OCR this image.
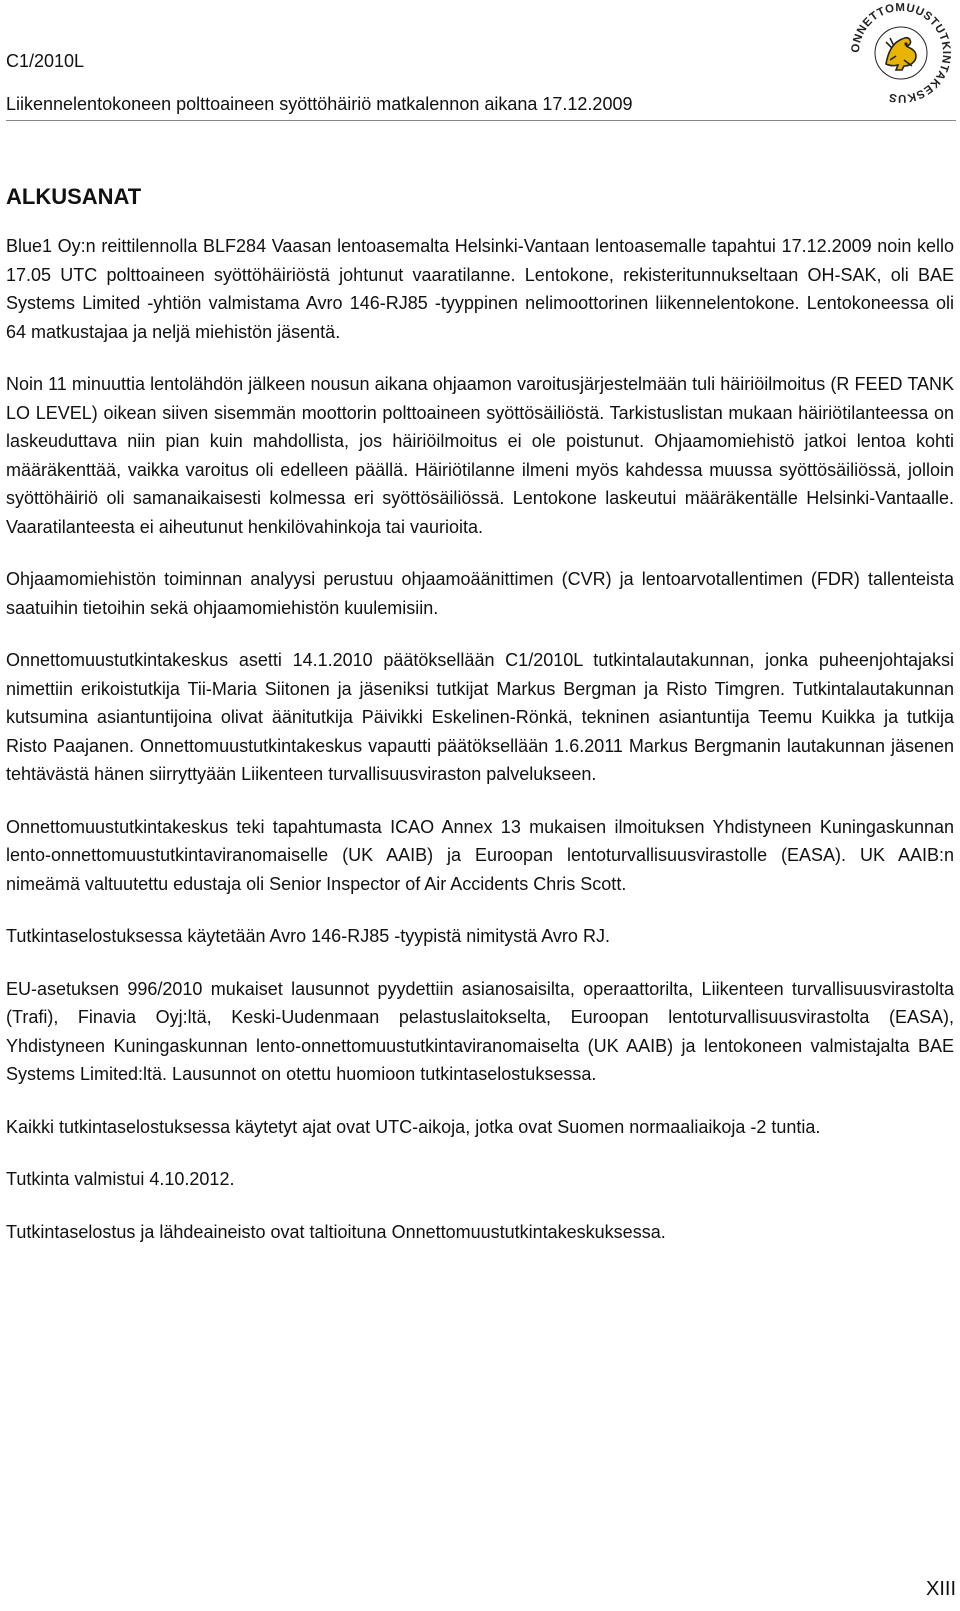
C1/2010L
Liikennelentokoneen polttoaineen syöttöhäiriö matkalennon aikana 17.12.2009
ONNETTOMUUSTUTKINTAKESKUS
ALKUSANAT

Blue1 Oy:n reittilennolla BLF284 Vaasan lentoasemalta Helsinki-Vantaan lentoasemalle tapahtui 17.12.2009 noin kello 17.05 UTC polttoaineen syöttöhäiriöstä johtunut vaaratilanne. Lentokone, rekisteritunnukseltaan OH-SAK, oli BAE Systems Limited -yhtiön valmistama Avro 146-RJ85 -tyyppinen nelimoottorinen liikennelentokone. Lentokoneessa oli 64 matkustajaa ja neljä miehistön jäsentä.

Noin 11 minuuttia lentolähdön jälkeen nousun aikana ohjaamon varoitusjärjestelmään tuli häiriöilmoitus (R FEED TANK LO LEVEL) oikean siiven sisemmän moottorin polttoaineen syöttösäiliöstä. Tarkistuslistan mukaan häiriötilanteessa on laskeuduttava niin pian kuin mahdollista, jos häiriöilmoitus ei ole poistunut. Ohjaamomiehistö jatkoi lentoa kohti määräkenttää, vaikka varoitus oli edelleen päällä. Häiriötilanne ilmeni myös kahdessa muussa syöttösäiliössä, jolloin syöttöhäiriö oli samanaikaisesti kolmessa eri syöttösäiliössä. Lentokone laskeutui määräkentälle Helsinki-Vantaalle. Vaaratilanteesta ei aiheutunut henkilövahinkoja tai vaurioita.

Ohjaamomiehistön toiminnan analyysi perustuu ohjaamoäänittimen (CVR) ja lentoarvotallentimen (FDR) tallenteista saatuihin tietoihin sekä ohjaamomiehistön kuulemisiin.

Onnettomuustutkintakeskus asetti 14.1.2010 päätöksellään C1/2010L tutkintalautakunnan, jonka puheenjohtajaksi nimettiin erikoistutkija Tii-Maria Siitonen ja jäseniksi tutkijat Markus Bergman ja Risto Timgren. Tutkintalautakunnan kutsumina asiantuntijoina olivat äänitutkija Päivikki Eskelinen-Rönkä, tekninen asiantuntija Teemu Kuikka ja tutkija Risto Paajanen. Onnettomuustutkintakeskus vapautti päätöksellään 1.6.2011 Markus Bergmanin lautakunnan jäsenen tehtävästä hänen siirryttyään Liikenteen turvallisuusviraston palvelukseen.

Onnettomuustutkintakeskus teki tapahtumasta ICAO Annex 13 mukaisen ilmoituksen Yhdistyneen Kuningaskunnan lento-onnettomuustutkintaviranomaiselle (UK AAIB) ja Euroopan lentoturvallisuusvirastolle (EASA). UK AAIB:n nimeämä valtuutettu edustaja oli Senior Inspector of Air Accidents Chris Scott.

Tutkintaselostuksessa käytetään Avro 146-RJ85 -tyypistä nimitystä Avro RJ.

EU-asetuksen 996/2010 mukaiset lausunnot pyydettiin asianosaisilta, operaattorilta, Liikenteen turvallisuusvirastolta (Trafi), Finavia Oyj:ltä, Keski-Uudenmaan pelastuslaitokselta, Euroopan lentoturvallisuusvirastolta (EASA), Yhdistyneen Kuningaskunnan lento-onnettomuustutkintaviranomaiselta (UK AAIB) ja lentokoneen valmistajalta BAE Systems Limited:ltä. Lausunnot on otettu huomioon tutkintaselostuksessa.

Kaikki tutkintaselostuksessa käytetyt ajat ovat UTC-aikoja, jotka ovat Suomen normaaliaikoja -2 tuntia.

Tutkinta valmistui 4.10.2012.

Tutkintaselostus ja lähdeaineisto ovat taltioituna Onnettomuustutkintakeskuksessa.

XIII
